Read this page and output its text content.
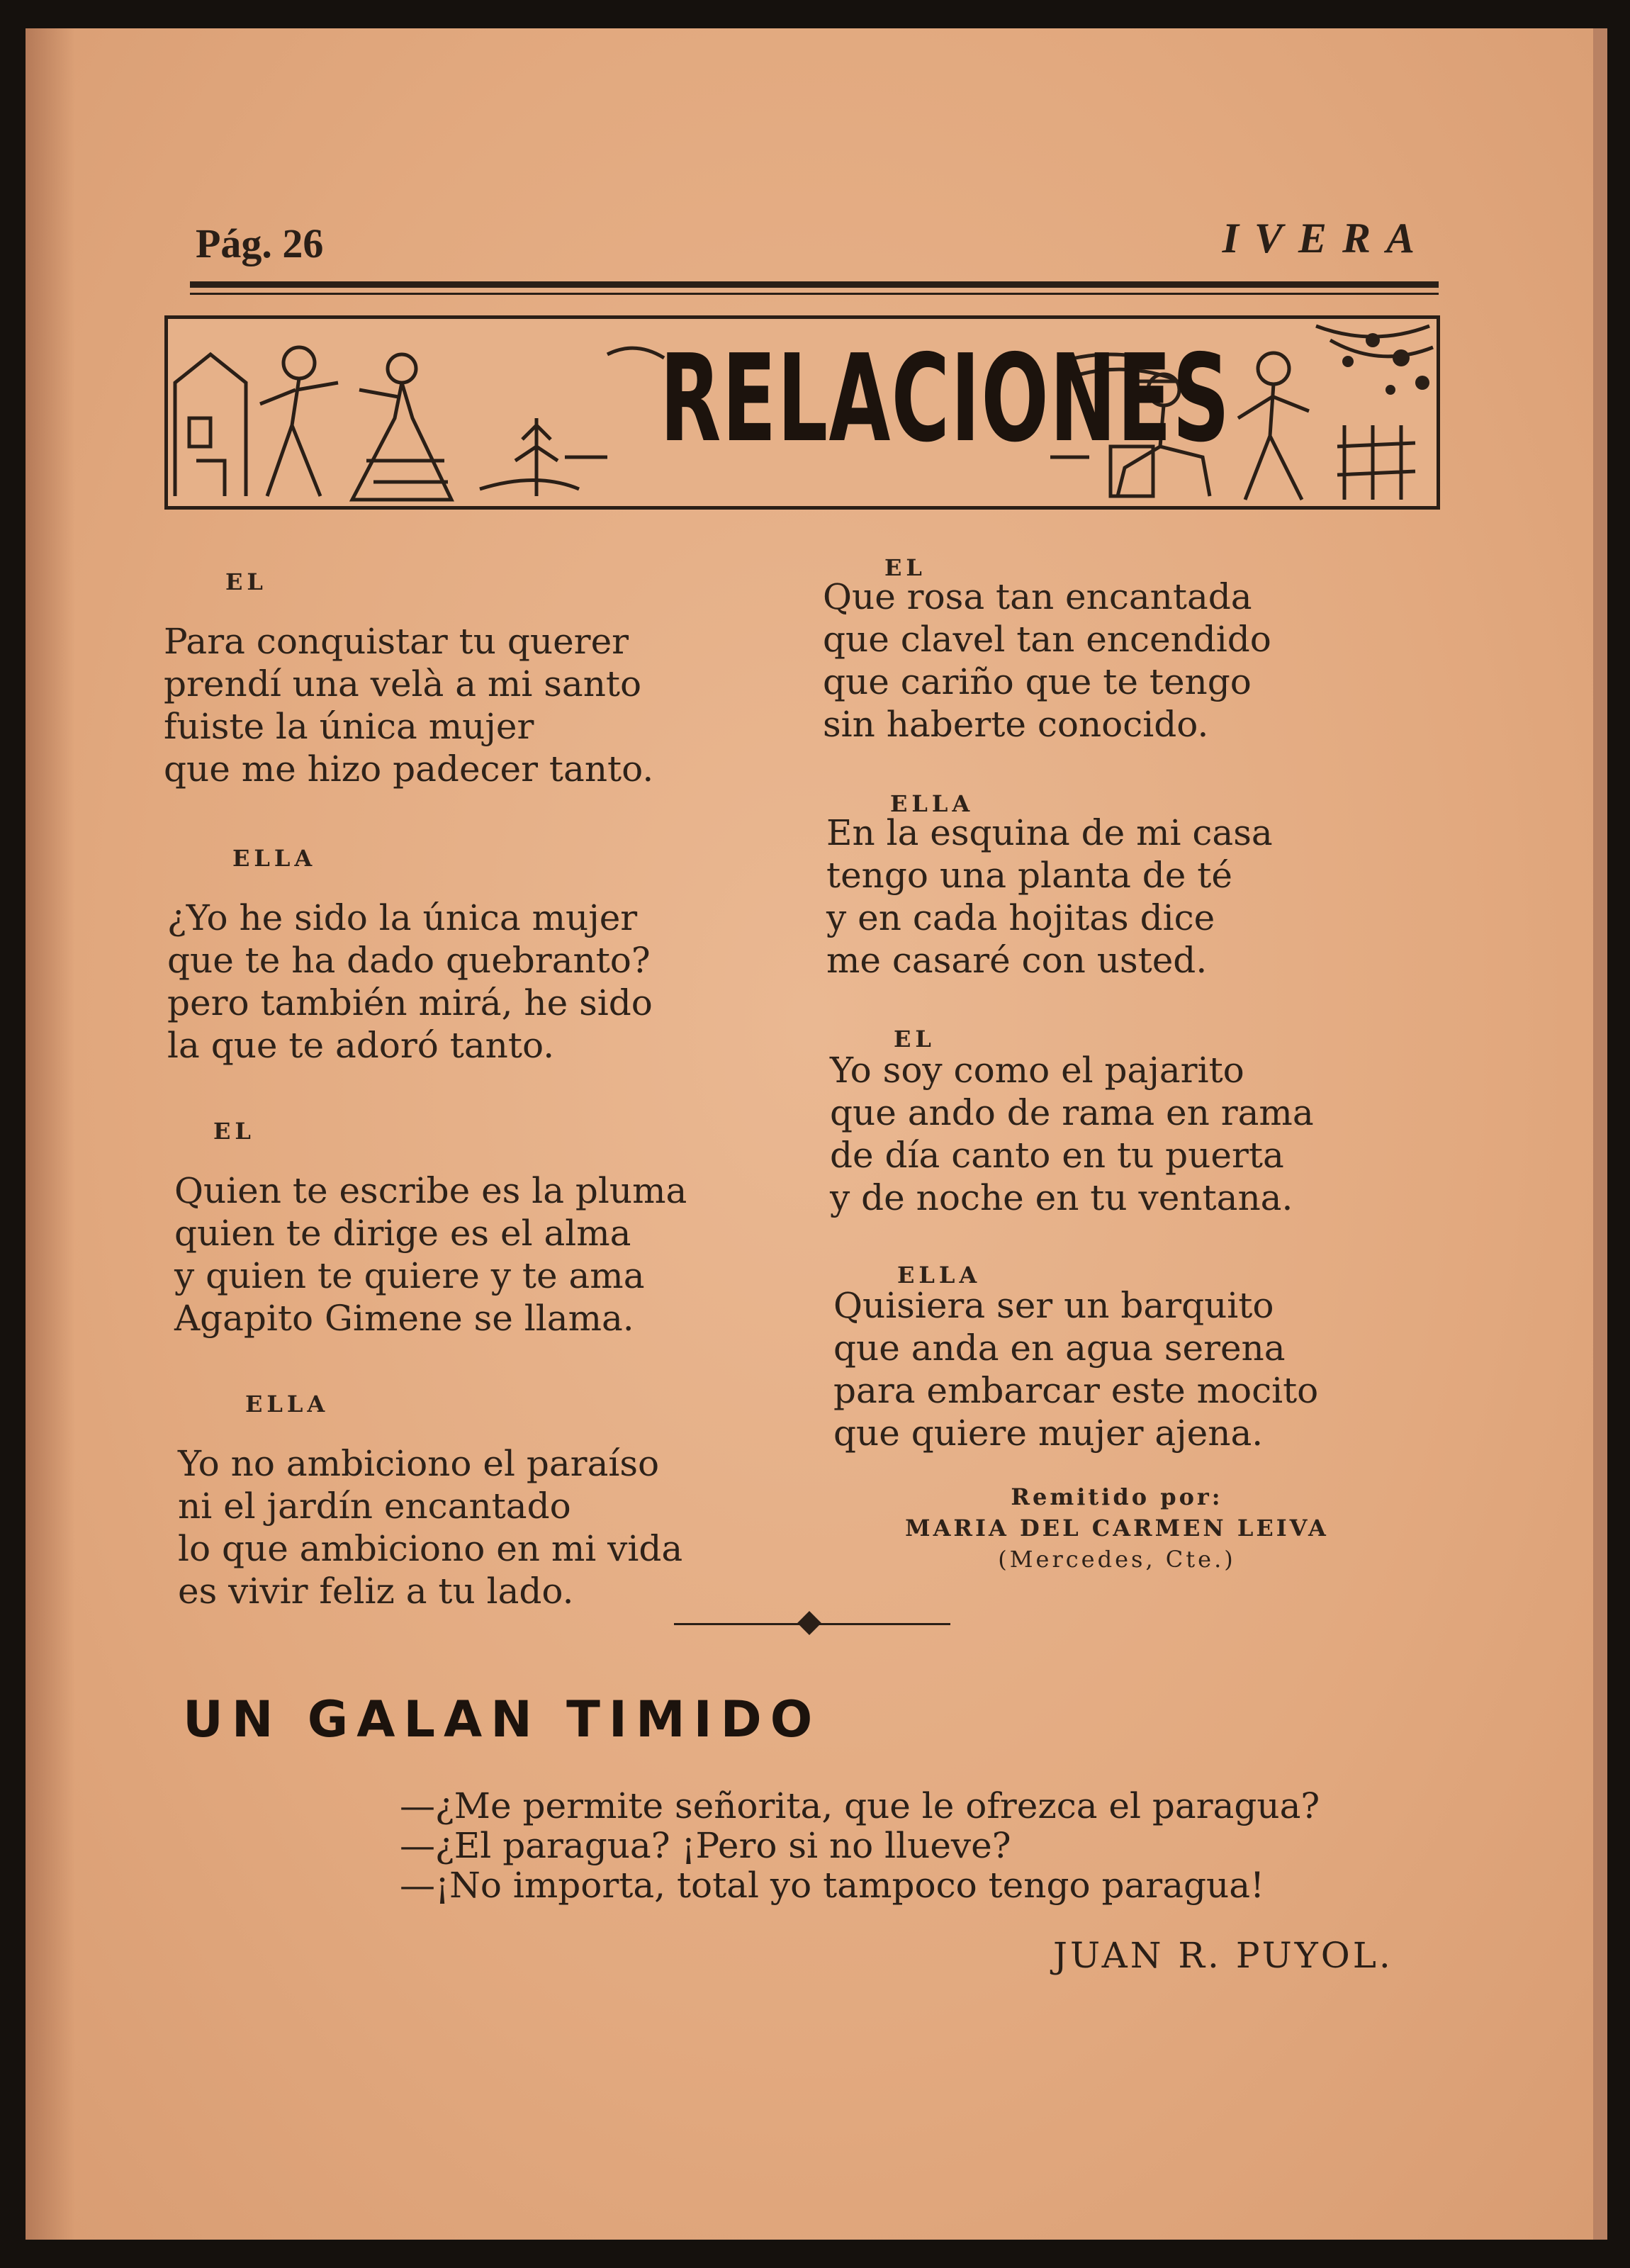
Pág. 26	IVERA
RELACIONES
EL

Para conquistar tu querer

prendí una velà a mi santo

fuiste la única mujer

que me hizo padecer tanto.

ELLA

¿Yo he sido la única mujer

que te ha dado quebranto?

pero también mirá, he sido

la que te adoró tanto.

EL

Quien te escribe es la pluma

quien te dirige es el alma

y quien te quiere y te ama

Agapito Gimene se llama.

ELLA

Yo no ambiciono el paraíso

ni el jardín encantado

lo que ambiciono en mi vida

es vivir feliz a tu lado.

EL

Que rosa tan encantada

que clavel tan encendido

que cariño que te tengo

sin haberte conocido.

ELLA

En la esquina de mi casa

tengo una planta de té

y en cada hojitas dice

me casaré con usted.

EL

Yo soy como el pajarito

que ando de rama en rama

de día canto en tu puerta

y de noche en tu ventana.

ELLA

Quisiera ser un barquito

que anda en agua serena

para embarcar este mocito

que quiere mujer ajena.

Remitido por:
MARIA DEL CARMEN LEIVA
(Mercedes, Cte.)
UN GALAN TIMIDO

—¿Me permite señorita, que le ofrezca el paragua?

—¿El paragua? ¡Pero si no llueve?

—¡No importa, total yo tampoco tengo paragua!

JUAN R. PUYOL.
